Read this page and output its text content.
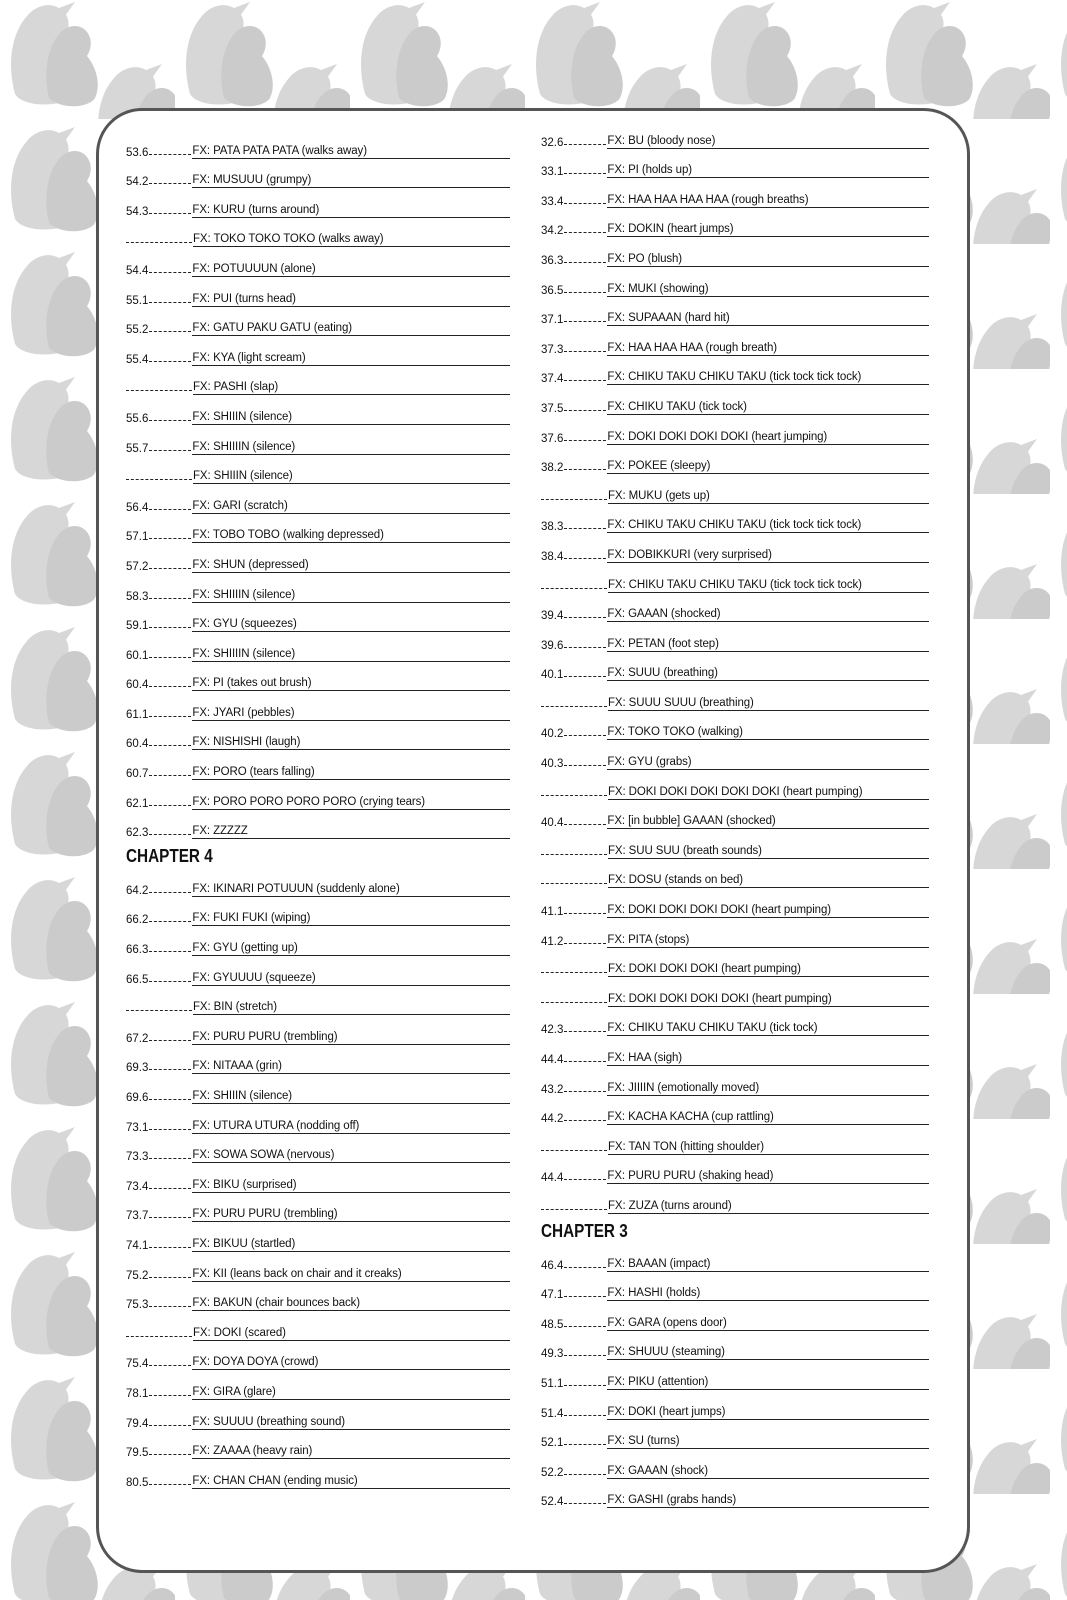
53.6	FX: PATA PATA PATA (walks away)
54.2	FX: MUSUUU (grumpy)
54.3	FX: KURU (turns around)
FX: TOKO TOKO TOKO (walks away)
54.4	FX: POTUUUUN (alone)
55.1	FX: PUI (turns head)
55.2	FX: GATU PAKU GATU (eating)
55.4	FX: KYA (light scream)
FX: PASHI (slap)
55.6	FX: SHIIIN (silence)
55.7	FX: SHIIIIN (silence)
FX: SHIIIN (silence)
56.4	FX: GARI (scratch)
57.1	FX: TOBO TOBO (walking depressed)
57.2	FX: SHUN (depressed)
58.3	FX: SHIIIIN (silence)
59.1	FX: GYU (squeezes)
60.1	FX: SHIIIIN (silence)
60.4	FX: PI (takes out brush)
61.1	FX: JYARI (pebbles)
60.4	FX: NISHISHI (laugh)
60.7	FX: PORO (tears falling)
62.1	FX: PORO PORO PORO PORO (crying tears)
62.3	FX: ZZZZZ
CHAPTER 4
64.2	FX: IKINARI POTUUUN (suddenly alone)
66.2	FX: FUKI FUKI (wiping)
66.3	FX: GYU (getting up)
66.5	FX: GYUUUU (squeeze)
FX: BIN (stretch)
67.2	FX: PURU PURU (trembling)
69.3	FX: NITAAA (grin)
69.6	FX: SHIIIN (silence)
73.1	FX: UTURA UTURA (nodding off)
73.3	FX: SOWA SOWA (nervous)
73.4	FX: BIKU (surprised)
73.7	FX: PURU PURU (trembling)
74.1	FX: BIKUU (startled)
75.2	FX: KII (leans back on chair and it creaks)
75.3	FX: BAKUN (chair bounces back)
FX: DOKI (scared)
75.4	FX: DOYA DOYA (crowd)
78.1	FX: GIRA (glare)
79.4	FX: SUUUU (breathing sound)
79.5	FX: ZAAAA (heavy rain)
80.5	FX: CHAN CHAN (ending music)
32.6	FX: BU (bloody nose)
33.1	FX: PI (holds up)
33.4	FX: HAA HAA HAA HAA (rough breaths)
34.2	FX: DOKIN (heart jumps)
36.3	FX: PO (blush)
36.5	FX: MUKI (showing)
37.1	FX: SUPAAAN (hard hit)
37.3	FX: HAA HAA HAA (rough breath)
37.4	FX: CHIKU TAKU CHIKU TAKU (tick tock tick tock)
37.5	FX: CHIKU TAKU (tick tock)
37.6	FX: DOKI DOKI DOKI DOKI (heart jumping)
38.2	FX: POKEE (sleepy)
FX: MUKU (gets up)
38.3	FX: CHIKU TAKU CHIKU TAKU (tick tock tick tock)
38.4	FX: DOBIKKURI (very surprised)
FX: CHIKU TAKU CHIKU TAKU (tick tock tick tock)
39.4	FX: GAAAN (shocked)
39.6	FX: PETAN (foot step)
40.1	FX: SUUU (breathing)
FX: SUUU SUUU (breathing)
40.2	FX: TOKO TOKO (walking)
40.3	FX: GYU (grabs)
FX: DOKI DOKI DOKI DOKI DOKI (heart pumping)
40.4	FX: [in bubble] GAAAN (shocked)
FX: SUU SUU (breath sounds)
FX: DOSU (stands on bed)
41.1	FX: DOKI DOKI DOKI DOKI (heart pumping)
41.2	FX: PITA (stops)
FX: DOKI DOKI DOKI (heart pumping)
FX: DOKI DOKI DOKI DOKI (heart pumping)
42.3	FX: CHIKU TAKU CHIKU TAKU (tick tock)
44.4	FX: HAA (sigh)
43.2	FX: JIIIIN (emotionally moved)
44.2	FX: KACHA KACHA (cup rattling)
FX: TAN TON (hitting shoulder)
44.4	FX: PURU PURU (shaking head)
FX: ZUZA (turns around)
CHAPTER 3
46.4	FX: BAAAN (impact)
47.1	FX: HASHI (holds)
48.5	FX: GARA (opens door)
49.3	FX: SHUUU (steaming)
51.1	FX: PIKU (attention)
51.4	FX: DOKI (heart jumps)
52.1	FX: SU (turns)
52.2	FX: GAAAN (shock)
52.4	FX: GASHI (grabs hands)
